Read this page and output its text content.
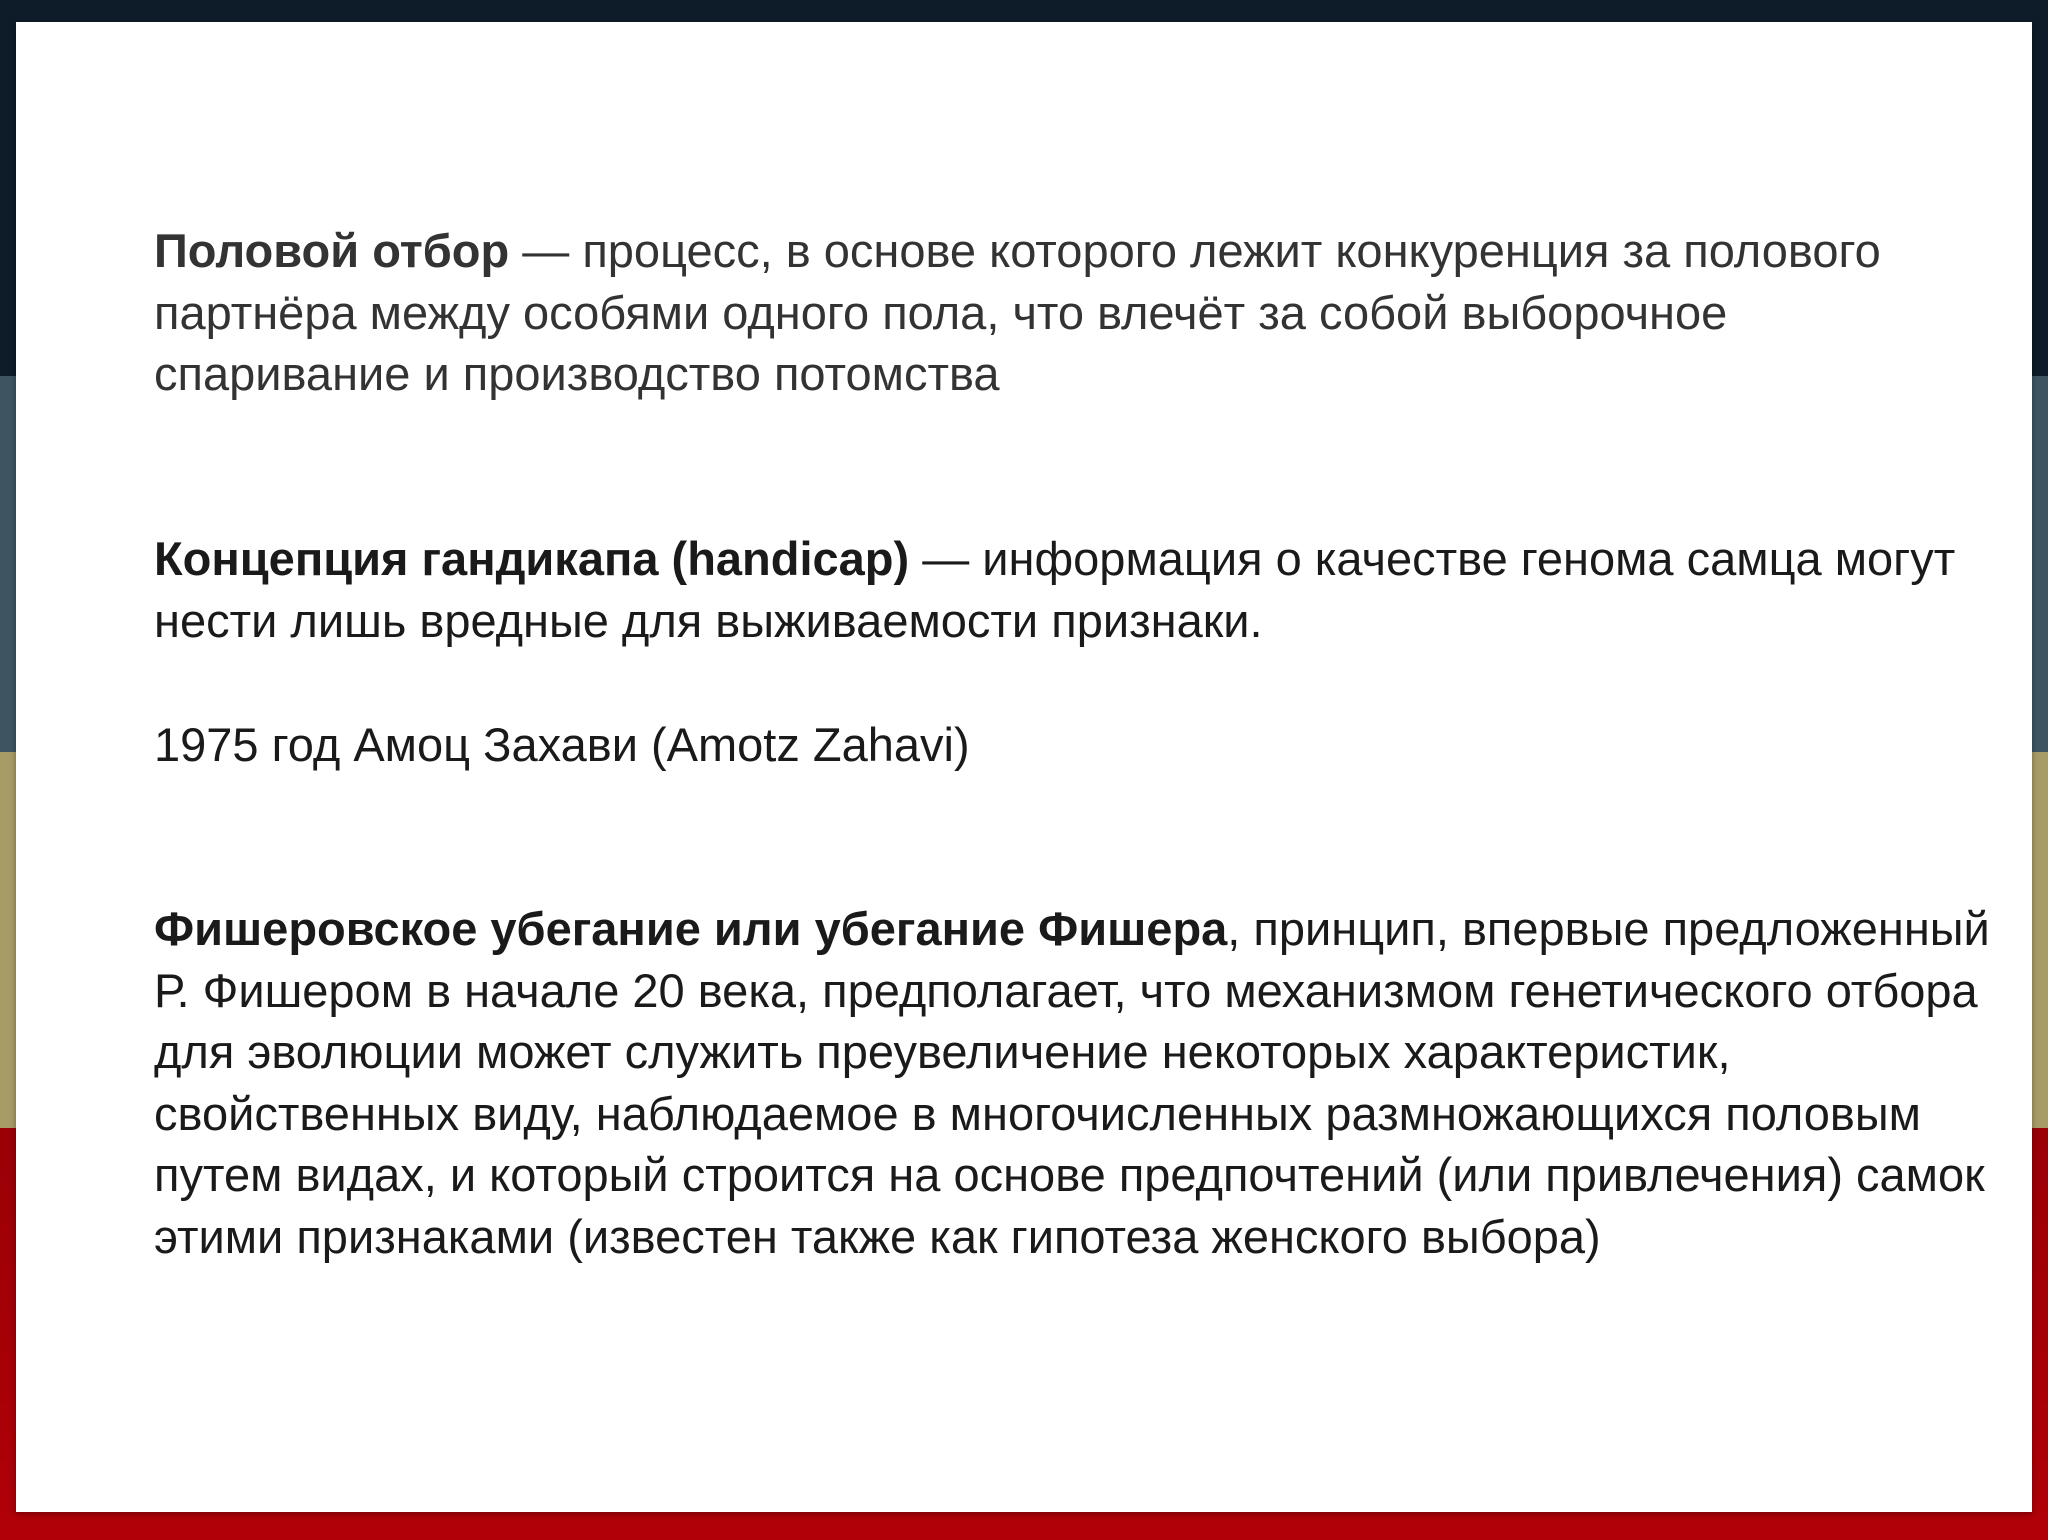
Половой отбор — процесс, в основе которого лежит конкуренция за полового партнёра между особями одного пола, что влечёт за собой выборочное спаривание и производство потомства

Концепция гандикапа (handicap) — информация о качестве генома самца могут нести лишь вредные для выживаемости признаки.

1975 год Амоц Захави (Amotz Zahavi)

Фишеровское убегание или убегание Фишера, принцип, впервые предложенный Р. Фишером в начале 20 века, предполагает, что механизмом генетического отбора для эволюции может служить преувеличение некоторых характеристик, свойственных виду, наблюдаемое в многочисленных размножающихся половым путем видах, и который строится на основе предпочтений (или привлечения) самок этими признаками (известен также как гипотеза женского выбора)
